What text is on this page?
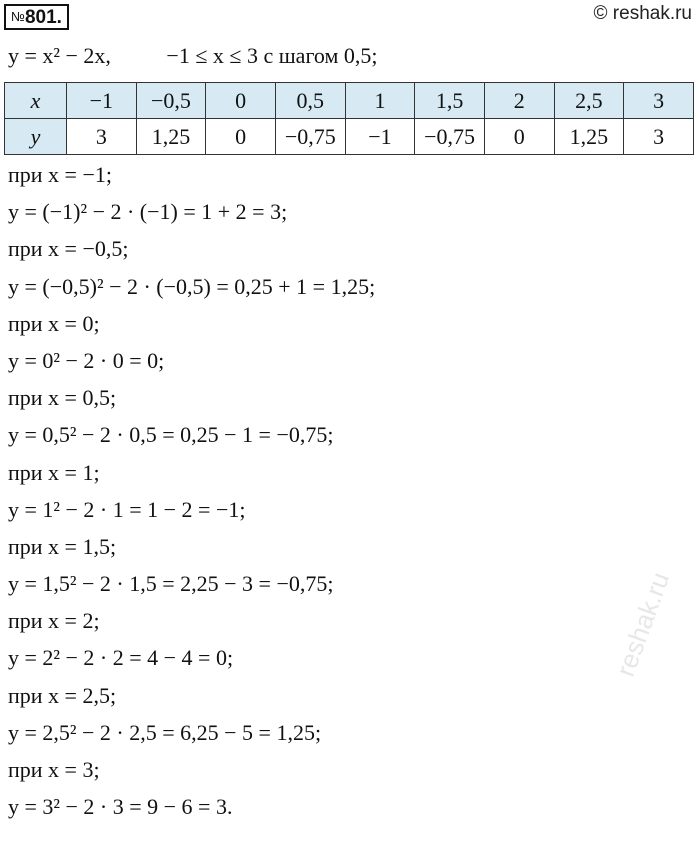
№801.	© reshak.ru
y = x² − 2x,	−1 ≤ x ≤ 3 с шагом 0,5;
x	−1	−0,5	0	0,5	1	1,5	2	2,5	3
y	3	1,25	0	−0,75	−1	−0,75	0	1,25	3
при x = −1;
y = (−1)² − 2 · (−1) = 1 + 2 = 3;
при x = −0,5;
y = (−0,5)² − 2 · (−0,5) = 0,25 + 1 = 1,25;
при x = 0;
y = 0² − 2 · 0 = 0;
при x = 0,5;
y = 0,5² − 2 · 0,5 = 0,25 − 1 = −0,75;
при x = 1;
y = 1² − 2 · 1 = 1 − 2 = −1;
при x = 1,5;
y = 1,5² − 2 · 1,5 = 2,25 − 3 = −0,75;
при x = 2;
y = 2² − 2 · 2 = 4 − 4 = 0;
при x = 2,5;
y = 2,5² − 2 · 2,5 = 6,25 − 5 = 1,25;
при x = 3;
y = 3² − 2 · 3 = 9 − 6 = 3.
reshak.ru
